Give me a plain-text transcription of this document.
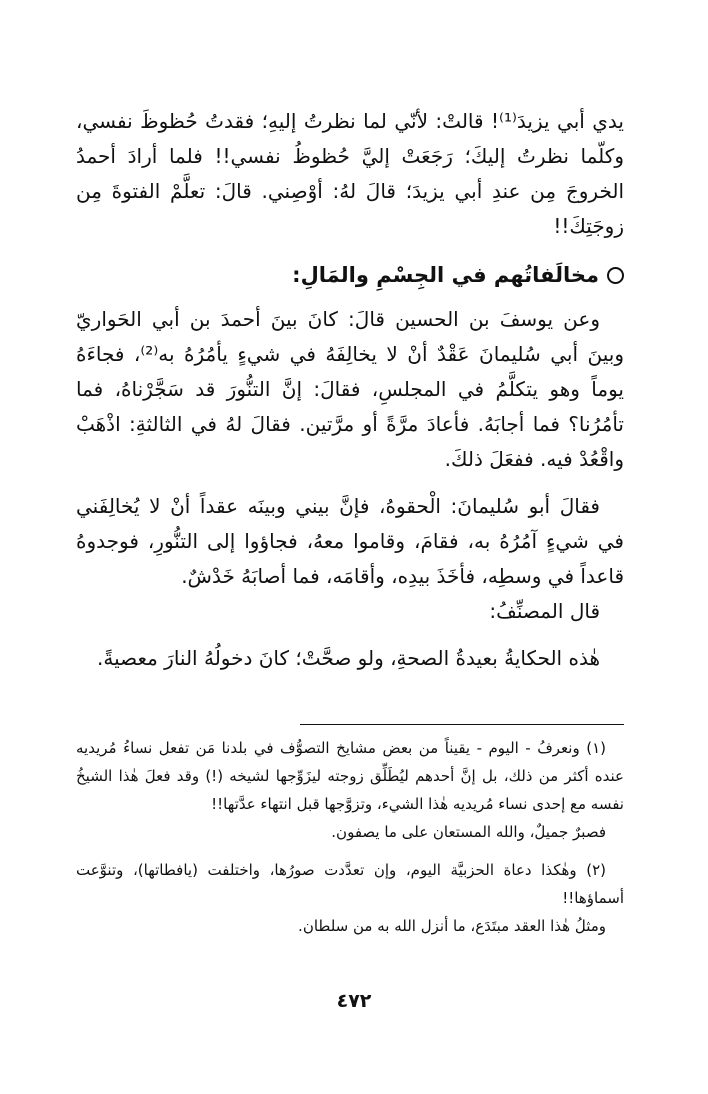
يدي أبي يزيدَ⁽¹⁾! قالتْ: لأنّي لما نظرتُ إليهِ؛ فقدتُ حُظوظَ نفسي، وكلّما نظرتُ إليكَ؛ رَجَعَتْ إليَّ حُظوظُ نفسي!! فلما أرادَ أحمدُ الخروجَ مِن عندِ أبي يزيدَ؛ قالَ لهُ: أوْصِني. قالَ: تعلَّمْ الفتوةَ مِن زوجَتِكَ!!

مخالَفاتُهم في الجِسْمِ والمَالِ:

وعن يوسفَ بن الحسين قالَ: كانَ بينَ أحمدَ بن أبي الحَواريّ وبينَ أبي سُليمانَ عَقْدٌ أنْ لا يخالِفَهُ في شيءٍ يأمُرُهُ به⁽²⁾، فجاءَهُ يوماً وهو يتكلَّمُ في المجلسِ، فقالَ: إنَّ التنُّورَ قد سَجَّرْناهُ، فما تأمُرُنا؟ فما أجابَهُ. فأعادَ مرَّةً أو مرَّتين. فقالَ لهُ في الثالثةِ: اذْهَبْ واقْعُدْ فيه. ففعَلَ ذلكَ.

فقالَ أبو سُليمانَ: الْحقوهُ، فإنَّ بيني وبينَه عقداً أنْ لا يُخالِفَني في شيءٍ آمُرُهُ به، فقامَ، وقاموا معهُ، فجاؤوا إلى التنُّورِ، فوجدوهُ قاعداً في وسطِه، فأخَذَ بيدِه، وأقامَه، فما أصابَهُ خَدْشٌ.

قال المصنِّفُ:

هٰذه الحكايةُ بعيدةُ الصحةِ، ولو صحَّتْ؛ كانَ دخولُهُ النارَ معصيةً.

(١) ونعرفُ - اليوم - يقيناً من بعض مشايخ التصوُّف في بلدنا مَن تفعل نساءُ مُريديه عنده أكثر من ذلك، بل إنَّ أحدهم ليُطَلِّق زوجته ليزَوِّجها لشيخه (!) وقد فعلَ هٰذا الشيخُ نفسه مع إحدى نساء مُريديه هٰذا الشيء، وتزوَّجها قبل انتهاء عدَّتها!!

فصبرٌ جميلٌ، والله المستعان على ما يصفون.

(٢) وهٰكذا دعاة الحزبيَّة اليوم، وإن تعدَّدت صورُها، واختلفت (يافطاتها)، وتنوَّعت أسماؤها!!

ومثلُ هٰذا العقد مبتَدَع، ما أنزل الله به من سلطان.

٤٧٢
